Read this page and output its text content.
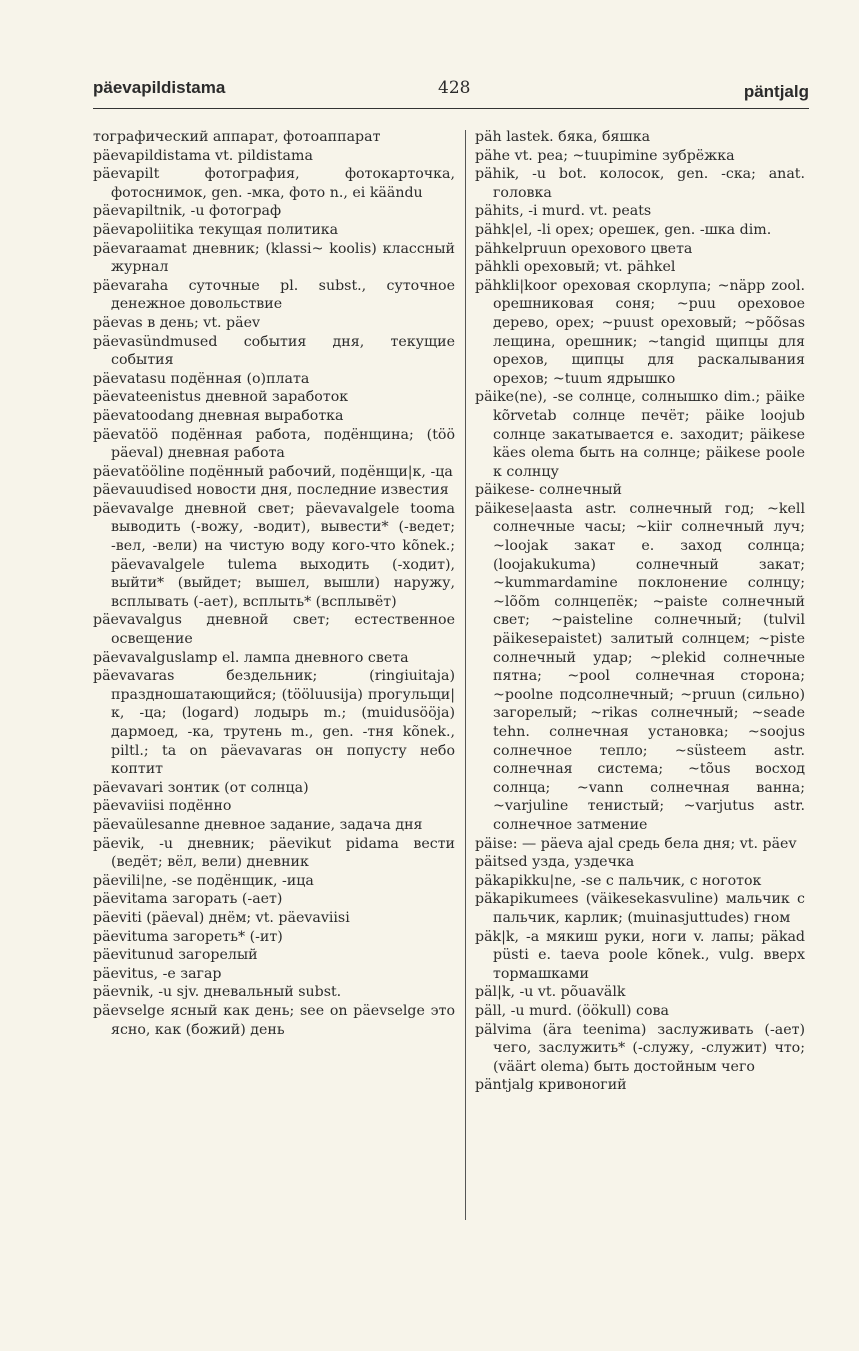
päevapildistama	428	päntjalg

тографический аппарат, фотоаппарат

päevapildistama vt. pildistama

päevapilt фотография, фотокарточка, фотоснимок, gen. -мка, фото n., ei käändu

päevapiltnik, -u фотограф

päevapoliitika текущая политика

päevaraamat дневник; (klassi~ koolis) классный журнал

päevaraha суточные pl. subst., суточное денежное довольствие

päevas в день; vt. päev

päevasündmused события дня, текущие события

päevatasu подённая (о)плата

päevateenistus дневной заработок

päevatoodang дневная выработка

päevatöö подённая работа, подёнщина; (töö päeval) дневная работа

päevatööline подённый рабочий, подёнщи|к, -ца

päevauudised новости дня, последние известия

päevavalge дневной свет; päevavalgele tooma выводить (-вожу, -водит), вывести* (-ведет; -вел, -вели) на чистую воду кого-что kõnek.; päevavalgele tulema выходить (-ходит), выйти* (выйдет; вышел, вышли) наружу, всплывать (-ает), всплыть* (всплывёт)

päevavalgus дневной свет; естественное освещение

päevavalguslamp el. лампа дневного света

päevavaras бездельник; (ringiuitaja) праздношатающийся; (tööluusija) прогульщи|к, -ца; (logard) лодырь m.; (muidusööja) дармоед, -ка, трутень m., gen. -тня kõnek., piltl.; ta on päevavaras он попусту небо коптит

päevavari зонтик (от солнца)

päevaviisi подённо

päevaülesanne дневное задание, задача дня

päevik, -u дневник; päevikut pidama вести (ведёт; вёл, вели) дневник

päevili|ne, -se подёнщик, -ица

päevitama загорать (-ает)

päeviti (päeval) днём; vt. päevaviisi

päevituma загореть* (-ит)

päevitunud загорелый

päevitus, -e загар

päevnik, -u sjv. дневальный subst.

päevselge ясный как день; see on päevselge это ясно, как (божий) день

päh lastek. бяка, бяшка

pähe vt. pea; ~tuupimine зубрёжка

pähik, -u bot. колосок, gen. -ска; anat. головка

pähits, -i murd. vt. peats

pähk|el, -li орех; орешек, gen. -шка dim.

pähkelpruun орехового цвета

pähkli ореховый; vt. pähkel

pähkli|koor ореховая скорлупа; ~näpp zool. орешниковая соня; ~puu ореховое дерево, орех; ~puust ореховый; ~põõsas лещина, орешник; ~tangid щипцы для орехов, щипцы для раскалывания орехов; ~tuum ядрышко

päike(ne), -se солнце, солнышко dim.; päike kõrvetab солнце печёт; päike loojub солнце закатывается e. заходит; päikese käes olema быть на солнце; päikese poole к солнцу

päikese- солнечный

päikese|aasta astr. солнечный год; ~kell солнечные часы; ~kiir солнечный луч; ~loojak закат e. заход солнца; (loojakukuma) солнечный закат; ~kummardamine поклонение солнцу; ~lõõm солнцепёк; ~paiste солнечный свет; ~paisteline солнечный; (tulvil päikesepaistet) залитый солнцем; ~piste солнечный удар; ~plekid солнечные пятна; ~pool солнечная сторона; ~poolne подсолнечный; ~pruun (сильно) загорелый; ~rikas солнечный; ~seade tehn. солнечная установка; ~soojus солнечное тепло; ~süsteem astr. солнечная система; ~tõus восход солнца; ~vann солнечная ванна; ~varjuline тенистый; ~varjutus astr. солнечное затмение

päise: — päeva ajal средь бела дня; vt. päev

päitsed узда, уздечка

päkapikku|ne, -se с пальчик, с ноготок

päkapikumees (väikesekasvuline) мальчик с пальчик, карлик; (muinasjuttudes) гном

päk|k, -a мякиш руки, ноги v. лапы; päkad püsti e. taeva poole kõnek., vulg. вверх тормашками

päl|k, -u vt. põuavälk

päll, -u murd. (öökull) сова

pälvima (ära teenima) заслуживать (-ает) чего, заслужить* (-служу, -служит) что; (väärt olema) быть достойным чего

päntjalg кривоногий
